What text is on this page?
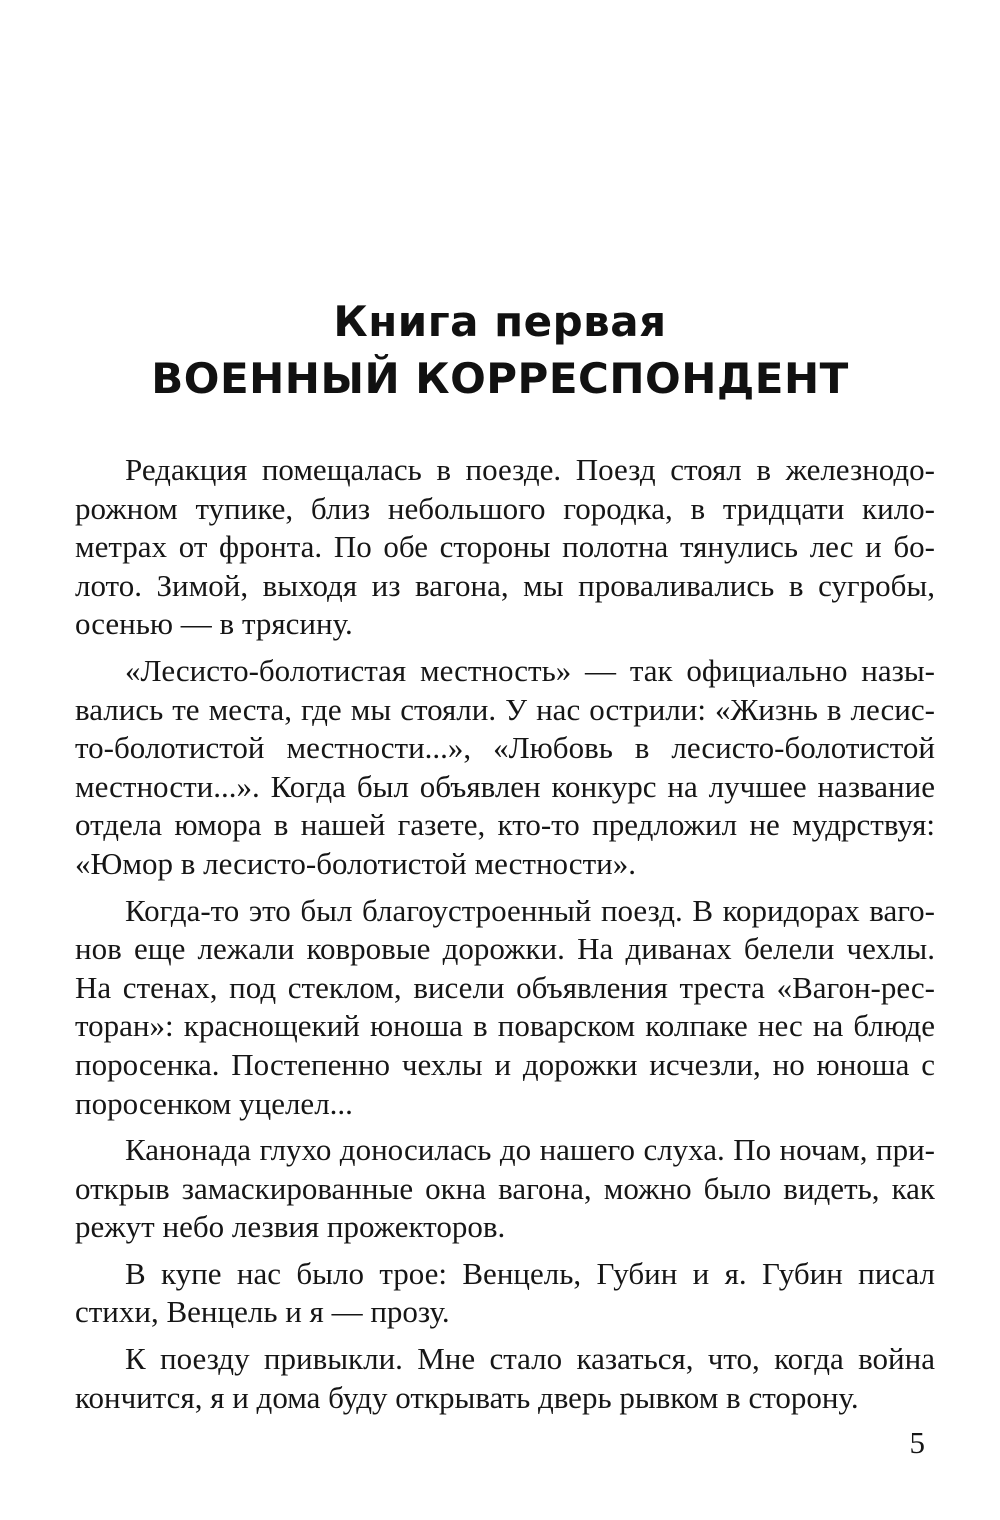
Книга первая
ВОЕННЫЙ КОРРЕСПОНДЕНТ

Редакция помещалась в поезде. Поезд стоял в железнодорожном тупике, близ небольшого городка, в тридцати километрах от фронта. По обе стороны полотна тянулись лес и болото. Зимой, выходя из вагона, мы проваливались в сугробы, осенью — в трясину.

«Лесисто-болотистая местность» — так официально назывались те места, где мы стояли. У нас острили: «Жизнь в лесисто-болотистой местности...», «Любовь в лесисто-болотистой местности...». Когда был объявлен конкурс на лучшее название отдела юмора в нашей газете, кто-то предложил не мудрствуя: «Юмор в лесисто-болотистой местности».

Когда-то это был благоустроенный поезд. В коридорах вагонов еще лежали ковровые дорожки. На диванах белели чехлы. На стенах, под стеклом, висели объявления треста «Вагон-ресторан»: краснощекий юноша в поварском колпаке нес на блюде поросенка. Постепенно чехлы и дорожки исчезли, но юноша с поросенком уцелел...

Канонада глухо доносилась до нашего слуха. По ночам, приоткрыв замаскированные окна вагона, можно было видеть, как режут небо лезвия прожекторов.

В купе нас было трое: Венцель, Губин и я. Губин писал стихи, Венцель и я — прозу.

К поезду привыкли. Мне стало казаться, что, когда война кончится, я и дома буду открывать дверь рывком в сторону.

5
